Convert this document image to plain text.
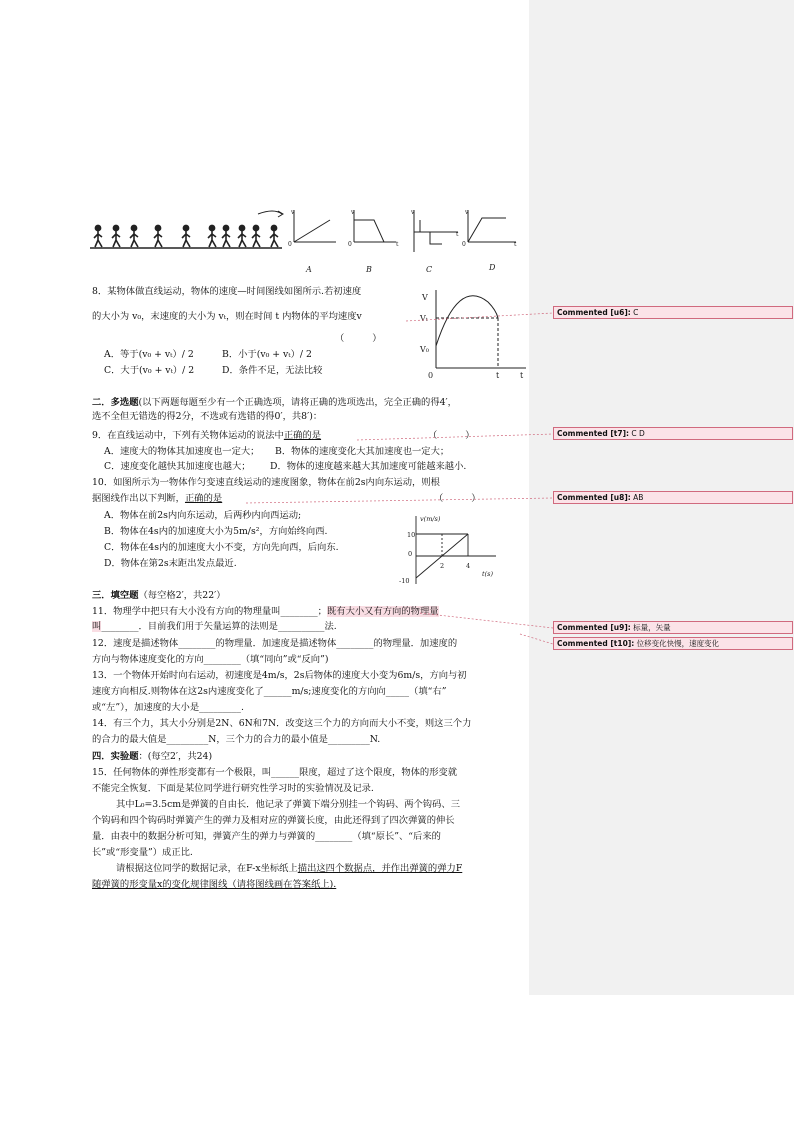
v
0
v
0	t
v
t
v
0	t
A	B	C	D
8．某物体做直线运动，物体的速度—时间图线如图所示.若初速度
的大小为 v₀，末速度的大小为 vₜ，则在时间 t 内物体的平均速度v
（　　　）
A．等于(v₀ + vₜ）/ 2	B．小于(v₀ + vₜ）/ 2
C．大于(v₀ + vₜ）/ 2	D．条件不足，无法比较
V
Vₜ
V₀
0	t	t
二．多选题(以下两题每题至少有一个正确选项，请将正确的选项选出，完全正确的得4′，
选不全但无错选的得2分，不选或有选错的得0′，共8′)：
9．在直线运动中，下列有关物体运动的说法中正确的是	（　　　）
A．速度大的物体其加速度也一定大； B．物体的速度变化大其加速度也一定大；
C．速度变化越快其加速度也越大； D．物体的速度越来越大其加速度可能越来越小.
10．如图所示为一物体作匀变速直线运动的速度图象，物体在前2s内向东运动，则根
据图线作出以下判断，正确的是	（　　　）
A．物体在前2s内向东运动，后两秒内向西运动;
B．物体在4s内的加速度大小为5m/s²，方向始终向西.
C．物体在4s内的加速度大小不变，方向先向西，后向东.
D．物体在第2s末距出发点最近.
v(m/s)
t(s)
10
-10
0
2	4
三．填空题（每空格2′，共22′）
11．物理学中把只有大小没有方向的物理量叫________；既有大小又有方向的物理量
叫________．目前我们用于矢量运算的法则是__________法.
12．速度是描述物体________的物理量．加速度是描述物体________的物理量．加速度的
方向与物体速度变化的方向________（填“同向”或“反向”)
13．一个物体开始时向右运动，初速度是4m/s，2s后物体的速度大小变为6m/s，方向与初
速度方向相反.则物体在这2s内速度变化了______m/s;速度变化的方向向_____（填“右”
或“左”），加速度的大小是_________.
14．有三个力，其大小分别是2N、6N和7N．改变这三个力的方向而大小不变，则这三个力
的合力的最大值是_________N，三个力的合力的最小值是_________N.
四．实验题：(每空2′，共24)
15．任何物体的弹性形变都有一个极限，叫______限度，超过了这个限度，物体的形变就
不能完全恢复．下面是某位同学进行研究性学习时的实验情况及记录.
其中L₀=3.5cm是弹簧的自由长．他记录了弹簧下端分别挂一个钩码、两个钩码、三
个钩码和四个钩码时弹簧产生的弹力及相对应的弹簧长度，由此还得到了四次弹簧的伸长
量．由表中的数据分析可知，弹簧产生的弹力与弹簧的________（填“原长”、“后来的
长”或“形变量”）成正比.
请根据这位同学的数据记录，在F-x坐标纸上描出这四个数据点，并作出弹簧的弹力F
随弹簧的形变量x的变化规律图线（请将图线画在答案纸上).
Commented [u6]: C
Commented [t7]: C D
Commented [u8]: AB
Commented [u9]: 标量，矢量
Commented [t10]: 位移变化快慢，速度变化
